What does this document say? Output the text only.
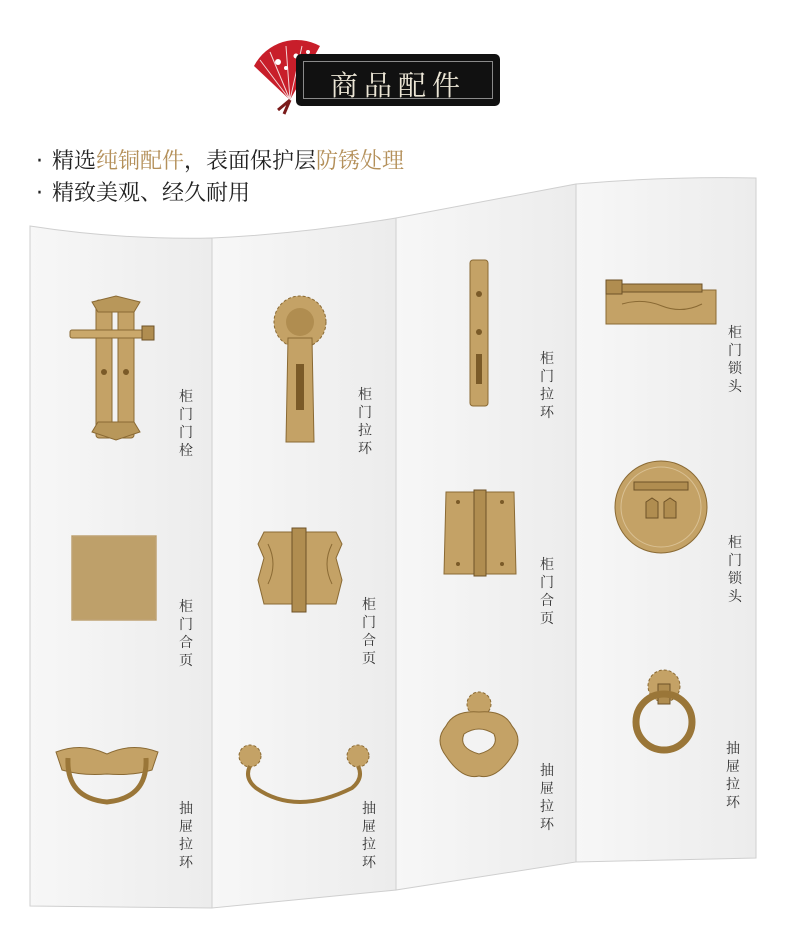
商品配件
· 精选纯铜配件，表面保护层防锈处理
· 精致美观、经久耐用
柜门门栓
柜门合页
抽屉拉环
柜门拉环
柜门合页
抽屉拉环
柜门拉环
柜门合页
抽屉拉环
柜门锁头
柜门锁头
抽屉拉环
